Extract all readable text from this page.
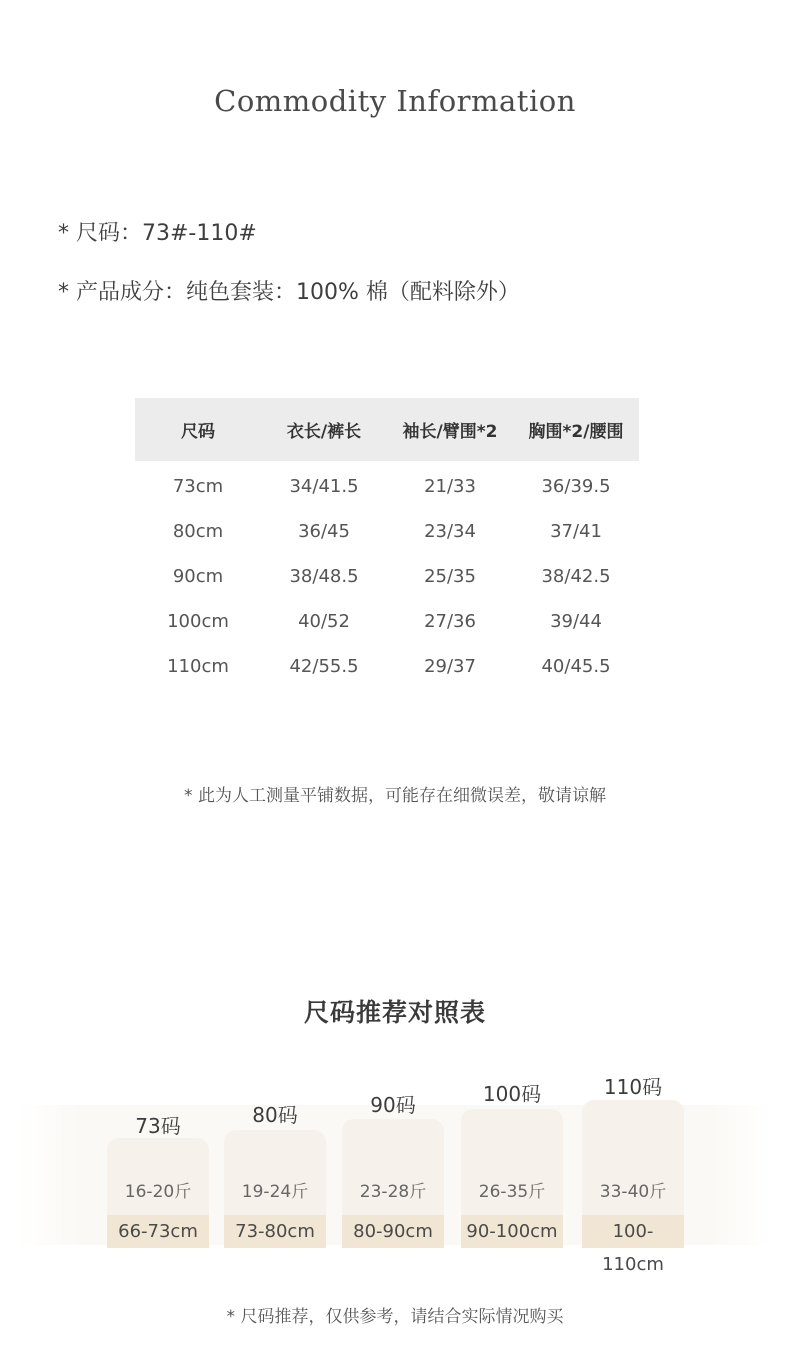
Commodity Information
* 尺码：73#-110#
* 产品成分：纯色套装：100% 棉（配料除外）
尺码	衣长/裤长	袖长/臂围*2	胸围*2/腰围
73cm	34/41.5	21/33	36/39.5
80cm	36/45	23/34	37/41
90cm	38/48.5	25/35	38/42.5
100cm	40/52	27/36	39/44
110cm	42/55.5	29/37	40/45.5
* 此为人工测量平铺数据，可能存在细微误差，敬请谅解
尺码推荐对照表
73码
66-73cm
16-20斤
80码
73-80cm
19-24斤
90码
80-90cm
23-28斤
100码
90-100cm
26-35斤
110码
100-110cm
33-40斤
* 尺码推荐，仅供参考，请结合实际情况购买
